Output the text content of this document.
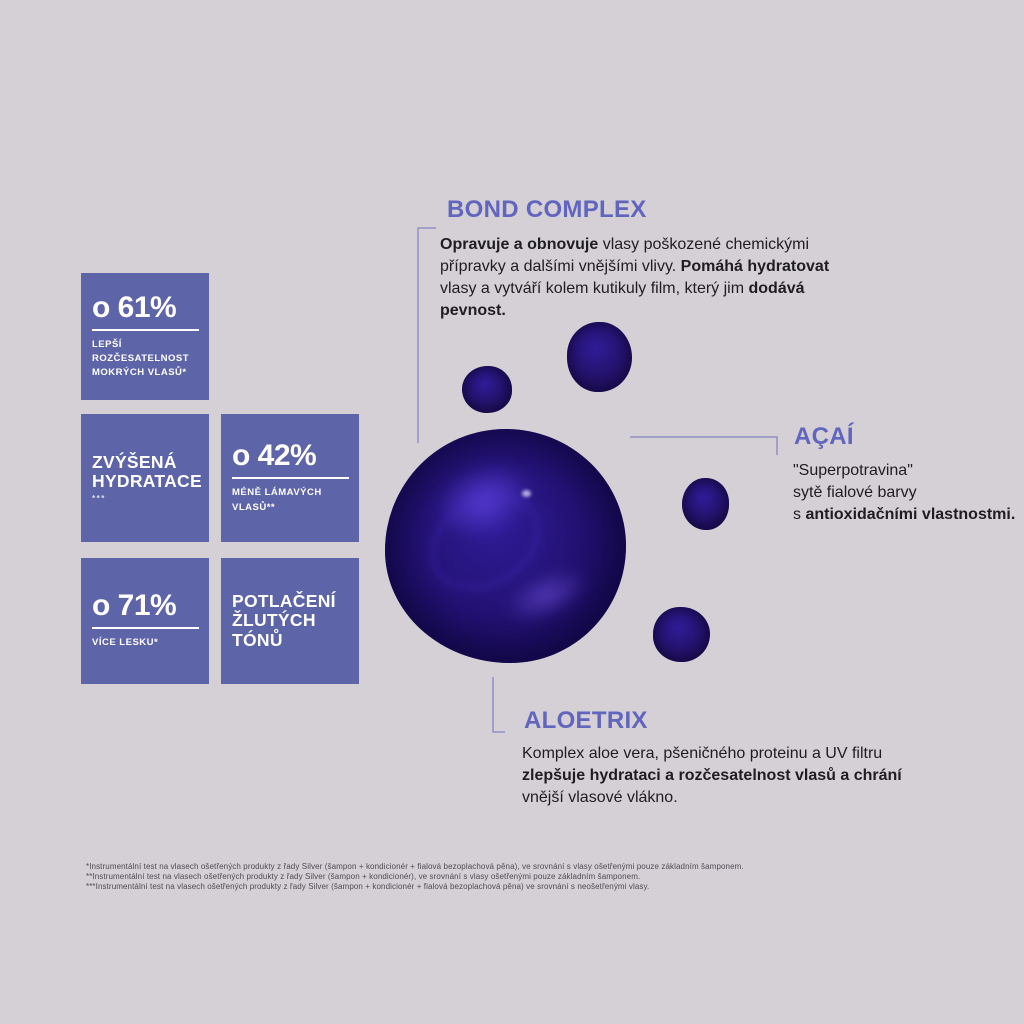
o 61%
LEPŠÍ
ROZČESATELNOST
MOKRÝCH VLASŮ*
ZVÝŠENÁ
HYDRATACE
***
o 42%
MÉNĚ LÁMAVÝCH
VLASŮ**
o 71%
VÍCE LESKU*
POTLAČENÍ
ŽLUTÝCH
TÓNŮ
BOND COMPLEX
Opravuje a obnovuje vlasy poškozené chemickými
přípravky a dalšími vnějšími vlivy. Pomáhá hydratovat
vlasy a vytváří kolem kutikuly film, který jim dodává
pevnost.
AÇAÍ
"Superpotravina"
sytě fialové barvy
s antioxidačními vlastnostmi.
ALOETRIX
Komplex aloe vera, pšeničného proteinu a UV filtru
zlepšuje hydrataci a rozčesatelnost vlasů a chrání
vnější vlasové vlákno.
*Instrumentální test na vlasech ošetřených produkty z řady Silver (šampon + kondicionér + fialová bezoplachová pěna), ve srovnání s vlasy ošetřenými pouze základním šamponem.
**Instrumentální test na vlasech ošetřených produkty z řady Silver (šampon + kondicionér), ve srovnání s vlasy ošetřenými pouze základním šamponem.
***Instrumentální test na vlasech ošetřených produkty z řady Silver (šampon + kondicionér + fialová bezoplachová pěna) ve srovnání s neošetřenými vlasy.
